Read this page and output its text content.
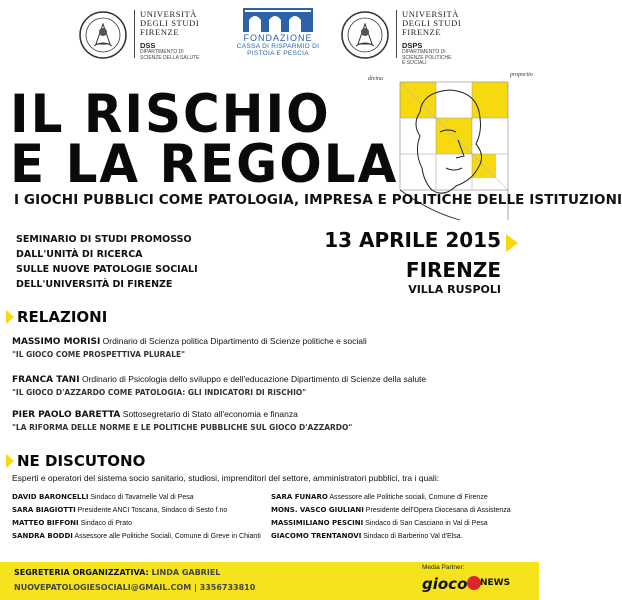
UNIVERSITÀ
DEGLI STUDI
FIRENZE
DSS
DIPARTIMENTO DI
SCIENZE DELLA SALUTE
FONDAZIONE
CASSA DI RISPARMIO DI PISTOIA E PESCIA
UNIVERSITÀ
DEGLI STUDI
FIRENZE
DSPS
DIPARTIMENTO DI
SCIENZE POLITICHE
E SOCIALI
divina
proportio
IL RISCHIO
E LA REGOLA
I GIOCHI PUBBLICI COME PATOLOGIA, IMPRESA E POLITICHE DELLE ISTITUZIONI
SEMINARIO DI STUDI PROMOSSO
DALL'UNITÀ DI RICERCA
SULLE NUOVE PATOLOGIE SOCIALI
DELL'UNIVERSITÀ DI FIRENZE
13 APRILE 2015
FIRENZE
VILLA RUSPOLI
RELAZIONI
MASSIMO MORISI Ordinario di Scienza politica Dipartimento di Scienze politiche e sociali
"IL GIOCO COME PROSPETTIVA PLURALE"
FRANCA TANI Ordinario di Psicologia dello sviluppo e dell'educazione Dipartimento di Scienze della salute
"IL GIOCO D'AZZARDO COME PATOLOGIA: GLI INDICATORI DI RISCHIO"
PIER PAOLO BARETTA Sottosegretario di Stato all'economia e finanza
"LA RIFORMA DELLE NORME E LE POLITICHE PUBBLICHE SUL GIOCO D'AZZARDO"
NE DISCUTONO
Esperti e operatori del sistema socio sanitario, studiosi, imprenditori del settore, amministratori pubblici, tra i quali:
DAVID BARONCELLI Sindaco di Tavarnelle Val di Pesa
SARA BIAGIOTTI Presidente ANCI Toscana, Sindaco di Sesto f.no
MATTEO BIFFONI Sindaco di Prato
SANDRA BODDI Assessore alle Politiche Sociali, Comune di Greve in Chianti
SARA FUNARO Assessore alle Politiche sociali, Comune di Firenze
MONS. VASCO GIULIANI Presidente dell'Opera Diocesana di Assistenza
MASSIMILIANO PESCINI Sindaco di San Casciano in Val di Pesa
GIACOMO TRENTANOVI Sindaco di Barberino Val d'Elsa.
SEGRETERIA ORGANIZZATIVA: LINDA GABRIEL
NUOVEPATOLOGIESOCIALI@GMAIL.COM | 3356733810
Media Partner:
gioco NEWS
